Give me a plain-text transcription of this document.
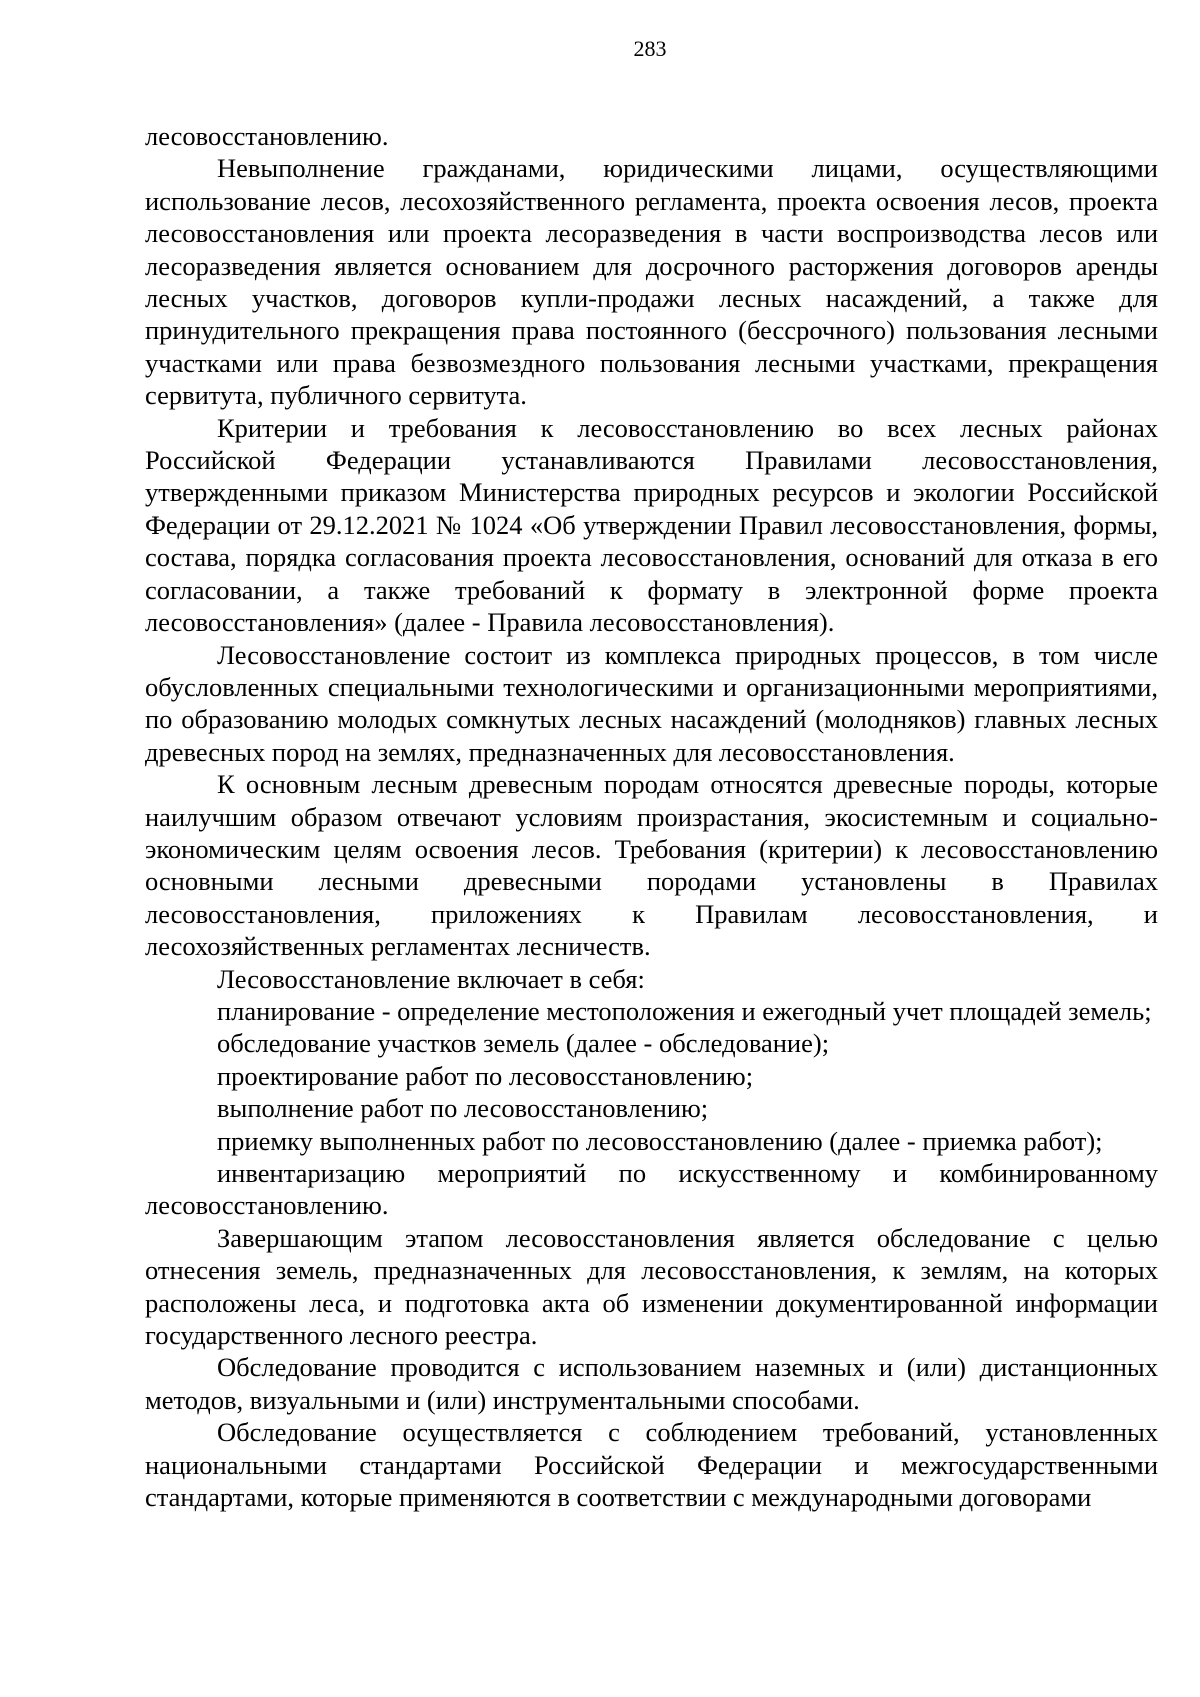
283

лесовосстановлению.

Невыполнение гражданами, юридическими лицами, осуществляющими использование лесов, лесохозяйственного регламента, проекта освоения лесов, проекта лесовосстановления или проекта лесоразведения в части воспроизводства лесов или лесоразведения является основанием для досрочного расторжения договоров аренды лесных участков, договоров купли-продажи лесных насаждений, а также для принудительного прекращения права постоянного (бессрочного) пользования лесными участками или права безвозмездного пользования лесными участками, прекращения сервитута, публичного сервитута.

Критерии и требования к лесовосстановлению во всех лесных районах Российской Федерации устанавливаются Правилами лесовосстановления, утвержденными приказом Министерства природных ресурсов и экологии Российской Федерации от 29.12.2021 № 1024 «Об утверждении Правил лесовосстановления, формы, состава, порядка согласования проекта лесовосстановления, оснований для отказа в его согласовании, а также требований к формату в электронной форме проекта лесовосстановления» (далее - Правила лесовосстановления).

Лесовосстановление состоит из комплекса природных процессов, в том числе обусловленных специальными технологическими и организационными мероприятиями, по образованию молодых сомкнутых лесных насаждений (молодняков) главных лесных древесных пород на землях, предназначенных для лесовосстановления.

К основным лесным древесным породам относятся древесные породы, которые наилучшим образом отвечают условиям произрастания, экосистемным и социально-экономическим целям освоения лесов. Требования (критерии) к лесовосстановлению основными лесными древесными породами установлены в Правилах лесовосстановления, приложениях к Правилам лесовосстановления, и лесохозяйственных регламентах лесничеств.

Лесовосстановление включает в себя:

планирование - определение местоположения и ежегодный учет площадей земель;

обследование участков земель (далее - обследование);

проектирование работ по лесовосстановлению;

выполнение работ по лесовосстановлению;

приемку выполненных работ по лесовосстановлению (далее - приемка работ);

инвентаризацию мероприятий по искусственному и комбинированному лесовосстановлению.

Завершающим этапом лесовосстановления является обследование с целью отнесения земель, предназначенных для лесовосстановления, к землям, на которых расположены леса, и подготовка акта об изменении документированной информации государственного лесного реестра.

Обследование проводится с использованием наземных и (или) дистанционных методов, визуальными и (или) инструментальными способами.

Обследование осуществляется с соблюдением требований, установленных национальными стандартами Российской Федерации и межгосударственными стандартами, которые применяются в соответствии с международными договорами
